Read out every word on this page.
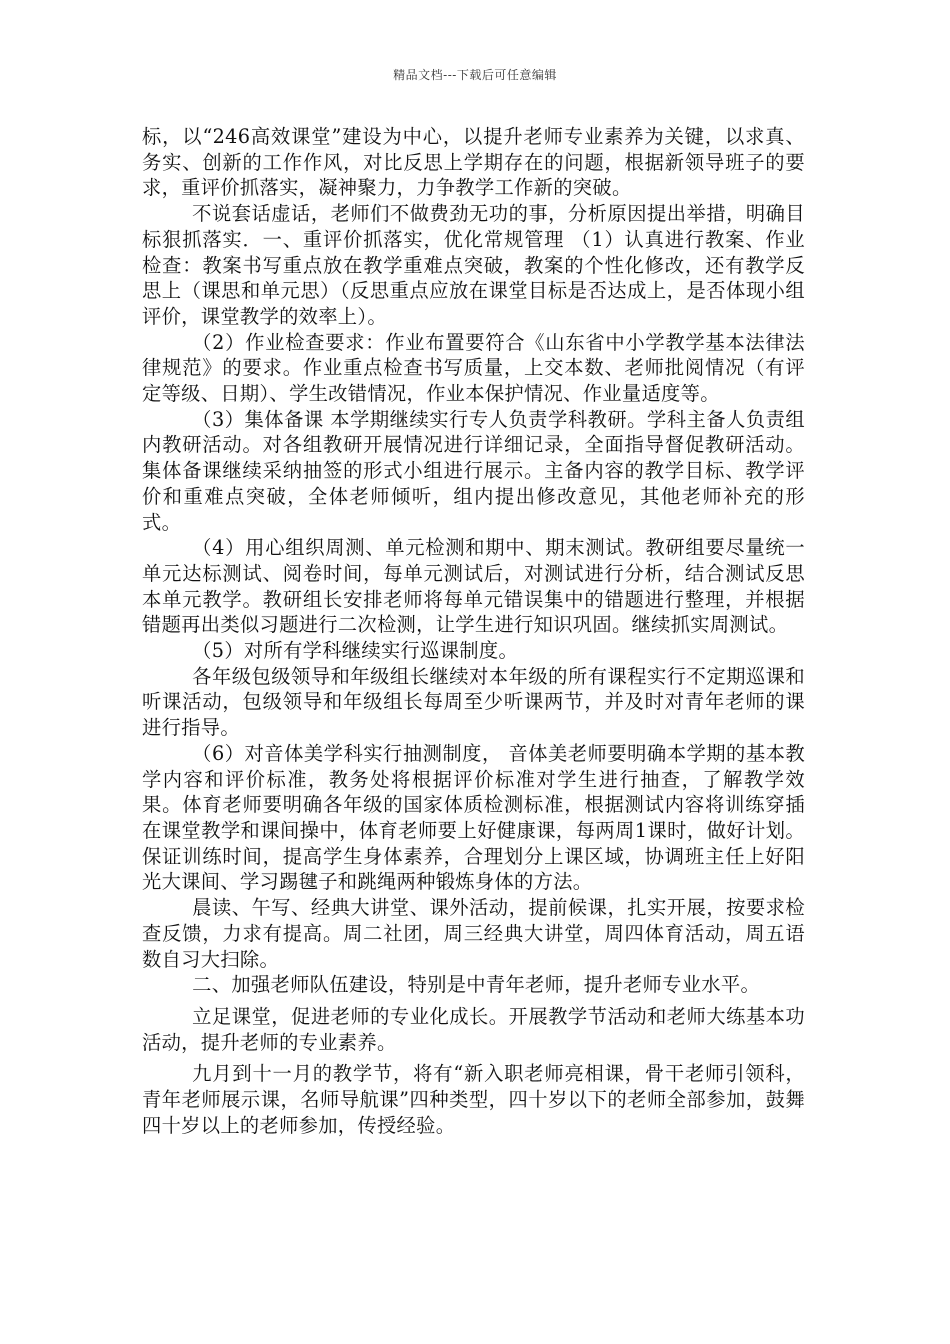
精品文档---下载后可任意编辑

标，以“246高效课堂”建设为中心，以提升老师专业素养为关键，以求真、务实、创新的工作作风，对比反思上学期存在的问题，根据新领导班子的要求，重评价抓落实，凝神聚力，力争教学工作新的突破。

不说套话虚话，老师们不做费劲无功的事，分析原因提出举措，明确目标狠抓落实．一、重评价抓落实，优化常规管理 （1）认真进行教案、作业检查：教案书写重点放在教学重难点突破，教案的个性化修改，还有教学反思上（课思和单元思）（反思重点应放在课堂目标是否达成上，是否体现小组评价，课堂教学的效率上）。

（2）作业检查要求：作业布置要符合《山东省中小学教学基本法律法律规范》的要求。作业重点检查书写质量，上交本数、老师批阅情况（有评定等级、日期）、学生改错情况，作业本保护情况、作业量适度等。

（3）集体备课 本学期继续实行专人负责学科教研。学科主备人负责组内教研活动。对各组教研开展情况进行详细记录，全面指导督促教研活动。集体备课继续采纳抽签的形式小组进行展示。主备内容的教学目标、教学评价和重难点突破，全体老师倾听，组内提出修改意见，其他老师补充的形式。

（4）用心组织周测、单元检测和期中、期末测试。教研组要尽量统一单元达标测试、阅卷时间，每单元测试后，对测试进行分析，结合测试反思本单元教学。教研组长安排老师将每单元错误集中的错题进行整理，并根据错题再出类似习题进行二次检测，让学生进行知识巩固。继续抓实周测试。

（5）对所有学科继续实行巡课制度。

各年级包级领导和年级组长继续对本年级的所有课程实行不定期巡课和听课活动，包级领导和年级组长每周至少听课两节，并及时对青年老师的课进行指导。

（6）对音体美学科实行抽测制度， 音体美老师要明确本学期的基本教学内容和评价标准，教务处将根据评价标准对学生进行抽查，了解教学效果。体育老师要明确各年级的国家体质检测标准，根据测试内容将训练穿插在课堂教学和课间操中，体育老师要上好健康课，每两周1课时，做好计划。保证训练时间，提高学生身体素养，合理划分上课区域，协调班主任上好阳光大课间、学习踢毽子和跳绳两种锻炼身体的方法。

晨读、午写、经典大讲堂、课外活动，提前候课，扎实开展，按要求检查反馈，力求有提高。周二社团，周三经典大讲堂，周四体育活动，周五语数自习大扫除。

二、加强老师队伍建设，特别是中青年老师，提升老师专业水平。

立足课堂，促进老师的专业化成长。开展教学节活动和老师大练基本功活动，提升老师的专业素养。

九月到十一月的教学节，将有“新入职老师亮相课，骨干老师引领科，青年老师展示课，名师导航课”四种类型，四十岁以下的老师全部参加，鼓舞四十岁以上的老师参加，传授经验。
